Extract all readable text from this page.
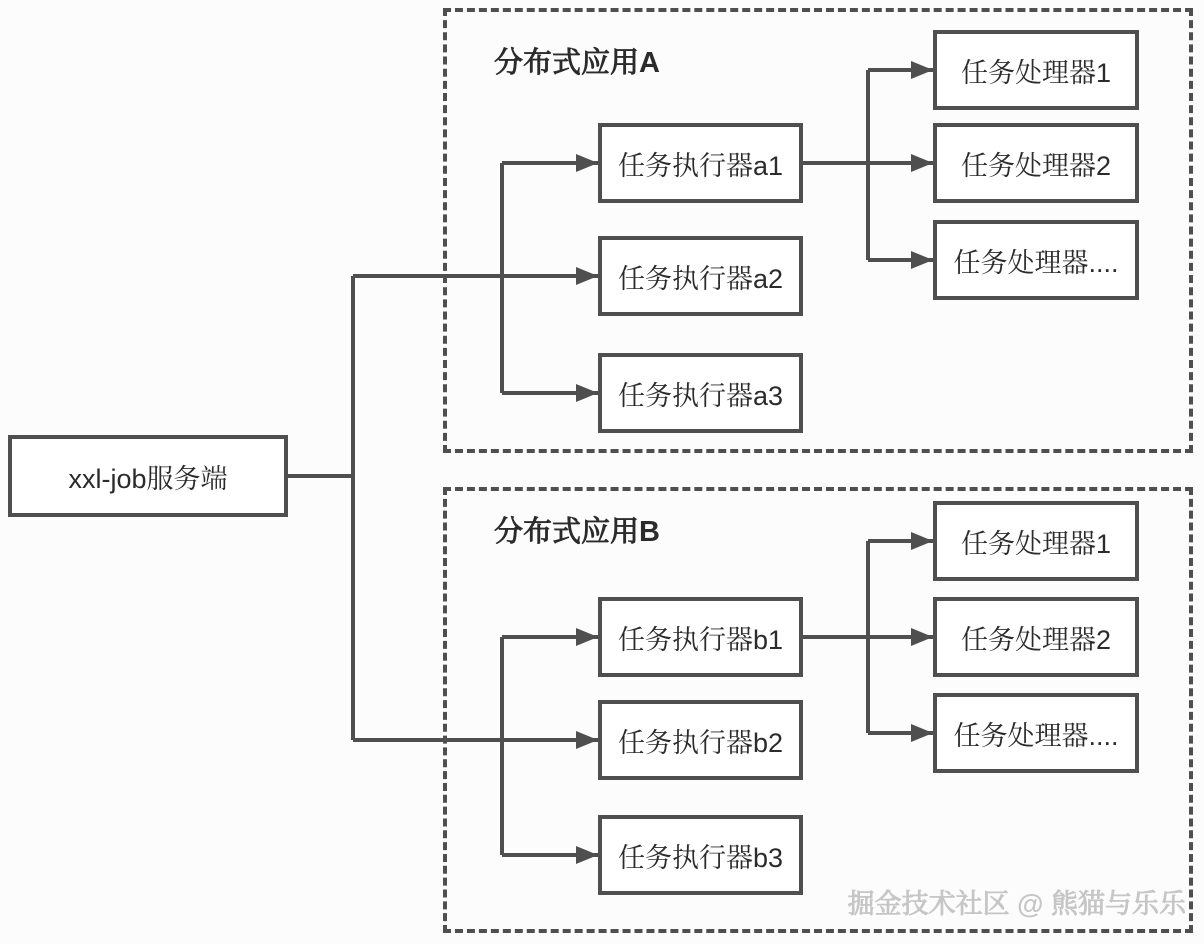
分布式应用A
分布式应用B
xxl-job服务端
任务执行器a1
任务执行器a2
任务执行器a3
任务处理器1
任务处理器2
任务处理器....
任务执行器b1
任务执行器b2
任务执行器b3
任务处理器1
任务处理器2
任务处理器....
掘金技术社区 @ 熊猫与乐乐
